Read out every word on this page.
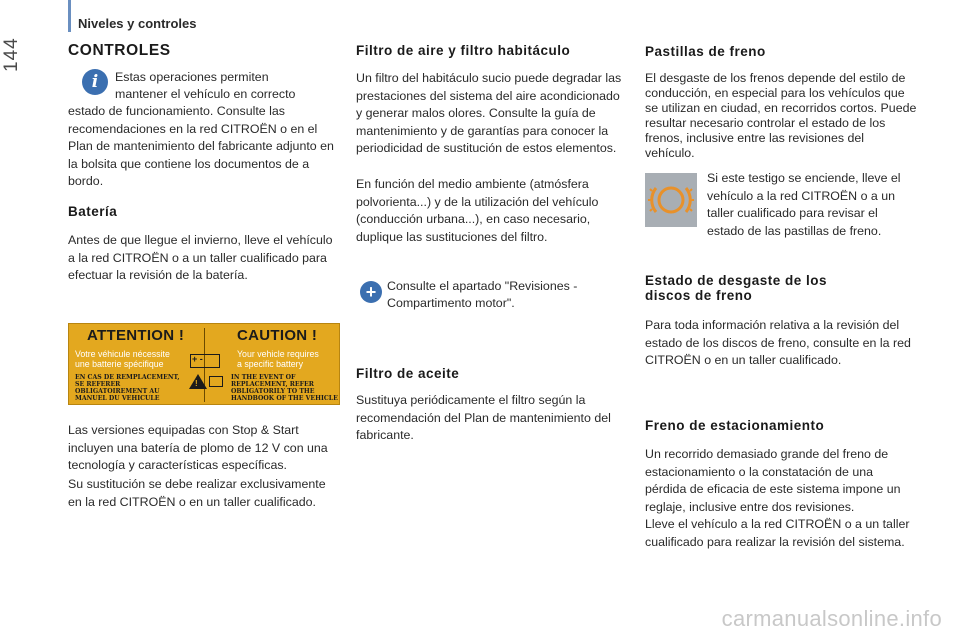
144
Niveles y controles
CONTROLES
i	Estas operaciones permiten

mantener el vehículo en correcto

estado de funcionamiento. Consulte las recomendaciones en la red CITROËN o en el Plan de mantenimiento del fabricante adjunto en la bolsita que contiene los documentos de a bordo.

Batería

Antes de que llegue el invierno, lleve el vehículo a la red CITROËN o a un taller cualificado para efectuar la revisión de la batería.

ATTENTION !	CAUTION !
Votre véhicule nécessite
une batterie spécifique
Your vehicle requires
a specific battery
+ -
!
EN CAS DE REMPLACEMENT,
SE REFERER
OBLIGATOIREMENT AU
MANUEL DU VEHICULE
IN THE EVENT OF
REPLACEMENT, REFER
OBLIGATORILY TO THE
HANDBOOK OF THE VEHICLE

Las versiones equipadas con Stop & Start incluyen una batería de plomo de 12 V con una tecnología y características específicas.

Su sustitución se debe realizar exclusivamente en la red CITROËN o en un taller cualificado.

Filtro de aire y filtro habitáculo

Un filtro del habitáculo sucio puede degradar las prestaciones del sistema del aire acondicionado y generar malos olores. Consulte la guía de mantenimiento y de garantías para conocer la periodicidad de sustitución de estos elementos.

En función del medio ambiente (atmósfera polvorienta...) y de la utilización del vehículo (conducción urbana...), en caso necesario, duplique las sustituciones del filtro.

+ Consulte el apartado "Revisiones -

Compartimento motor".

Filtro de aceite

Sustituya periódicamente el filtro según la recomendación del Plan de mantenimiento del fabricante.

Pastillas de freno

El desgaste de los frenos depende del estilo de conducción, en especial para los vehículos que se utilizan en ciudad, en recorridos cortos. Puede resultar necesario controlar el estado de los frenos, inclusive entre las revisiones del vehículo.

Si este testigo se enciende, lleve el vehículo a la red CITROËN o a un taller cualificado para revisar el estado de las pastillas de freno.

Estado de desgaste de los
discos de freno

Para toda información relativa a la revisión del estado de los discos de freno, consulte en la red CITROËN o en un taller cualificado.

Freno de estacionamiento

Un recorrido demasiado grande del freno de estacionamiento o la constatación de una pérdida de eficacia de este sistema impone un reglaje, inclusive entre dos revisiones.

Lleve el vehículo a la red CITROËN o a un taller cualificado para realizar la revisión del sistema.

carmanualsonline.info
